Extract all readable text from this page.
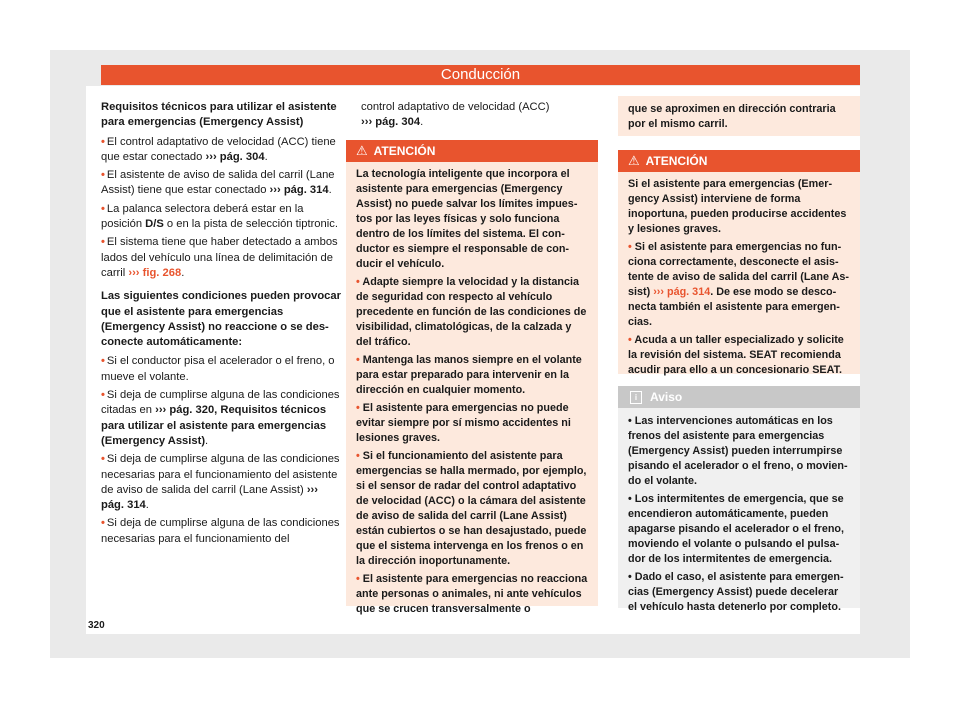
Conducción

Requisitos técnicos para utilizar el asistente para emergencias (Emergency Assist)

• El control adaptativo de velocidad (ACC) tiene que estar conectado ››› pág. 304.

• El asistente de aviso de salida del carril (Lane Assist) tiene que estar conectado ››› pág. 314.

• La palanca selectora deberá estar en la posición D/S o en la pista de selección tiptronic.

• El sistema tiene que haber detectado a ambos lados del vehículo una línea de delimitación de carril ››› fig. 268.

Las siguientes condiciones pueden provocar que el asistente para emergencias (Emergency Assist) no reaccione o se desconecte automáticamente:

• Si el conductor pisa el acelerador o el freno, o mueve el volante.

• Si deja de cumplirse alguna de las condiciones citadas en ››› pág. 320, Requisitos técnicos para utilizar el asistente para emergencias (Emergency Assist).

• Si deja de cumplirse alguna de las condiciones necesarias para el funcionamiento del asistente de aviso de salida del carril (Lane Assist) ››› pág. 314.

• Si deja de cumplirse alguna de las condiciones necesarias para el funcionamiento del

control adaptativo de velocidad (ACC)
››› pág. 304.

⚠ ATENCIÓN

La tecnología inteligente que incorpora el asistente para emergencias (Emergency Assist) no puede salvar los límites impuestos por las leyes físicas y solo funciona dentro de los límites del sistema. El conductor es siempre el responsable de conducir el vehículo.

• Adapte siempre la velocidad y la distancia de seguridad con respecto al vehículo precedente en función de las condiciones de visibilidad, climatológicas, de la calzada y del tráfico.

• Mantenga las manos siempre en el volante para estar preparado para intervenir en la dirección en cualquier momento.

• El asistente para emergencias no puede evitar siempre por sí mismo accidentes ni lesiones graves.

• Si el funcionamiento del asistente para emergencias se halla mermado, por ejemplo, si el sensor de radar del control adaptativo de velocidad (ACC) o la cámara del asistente de aviso de salida del carril (Lane Assist) están cubiertos o se han desajustado, puede que el sistema intervenga en los frenos o en la dirección inoportunamente.

• El asistente para emergencias no reacciona ante personas o animales, ni ante vehículos que se crucen transversalmente o

que se aproximen en dirección contraria por el mismo carril.
⚠ ATENCIÓN

Si el asistente para emergencias (Emergency Assist) interviene de forma inoportuna, pueden producirse accidentes y lesiones graves.

• Si el asistente para emergencias no funciona correctamente, desconecte el asistente de aviso de salida del carril (Lane Assist) ››› pág. 314. De ese modo se desconecta también el asistente para emergencias.

• Acuda a un taller especializado y solicite la revisión del sistema. SEAT recomienda acudir para ello a un concesionario SEAT.

i Aviso

• Las intervenciones automáticas en los frenos del asistente para emergencias (Emergency Assist) pueden interrumpirse pisando el acelerador o el freno, o moviendo el volante.

• Los intermitentes de emergencia, que se encendieron automáticamente, pueden apagarse pisando el acelerador o el freno, moviendo el volante o pulsando el pulsador de los intermitentes de emergencia.

• Dado el caso, el asistente para emergencias (Emergency Assist) puede decelerar el vehículo hasta detenerlo por completo.

320
